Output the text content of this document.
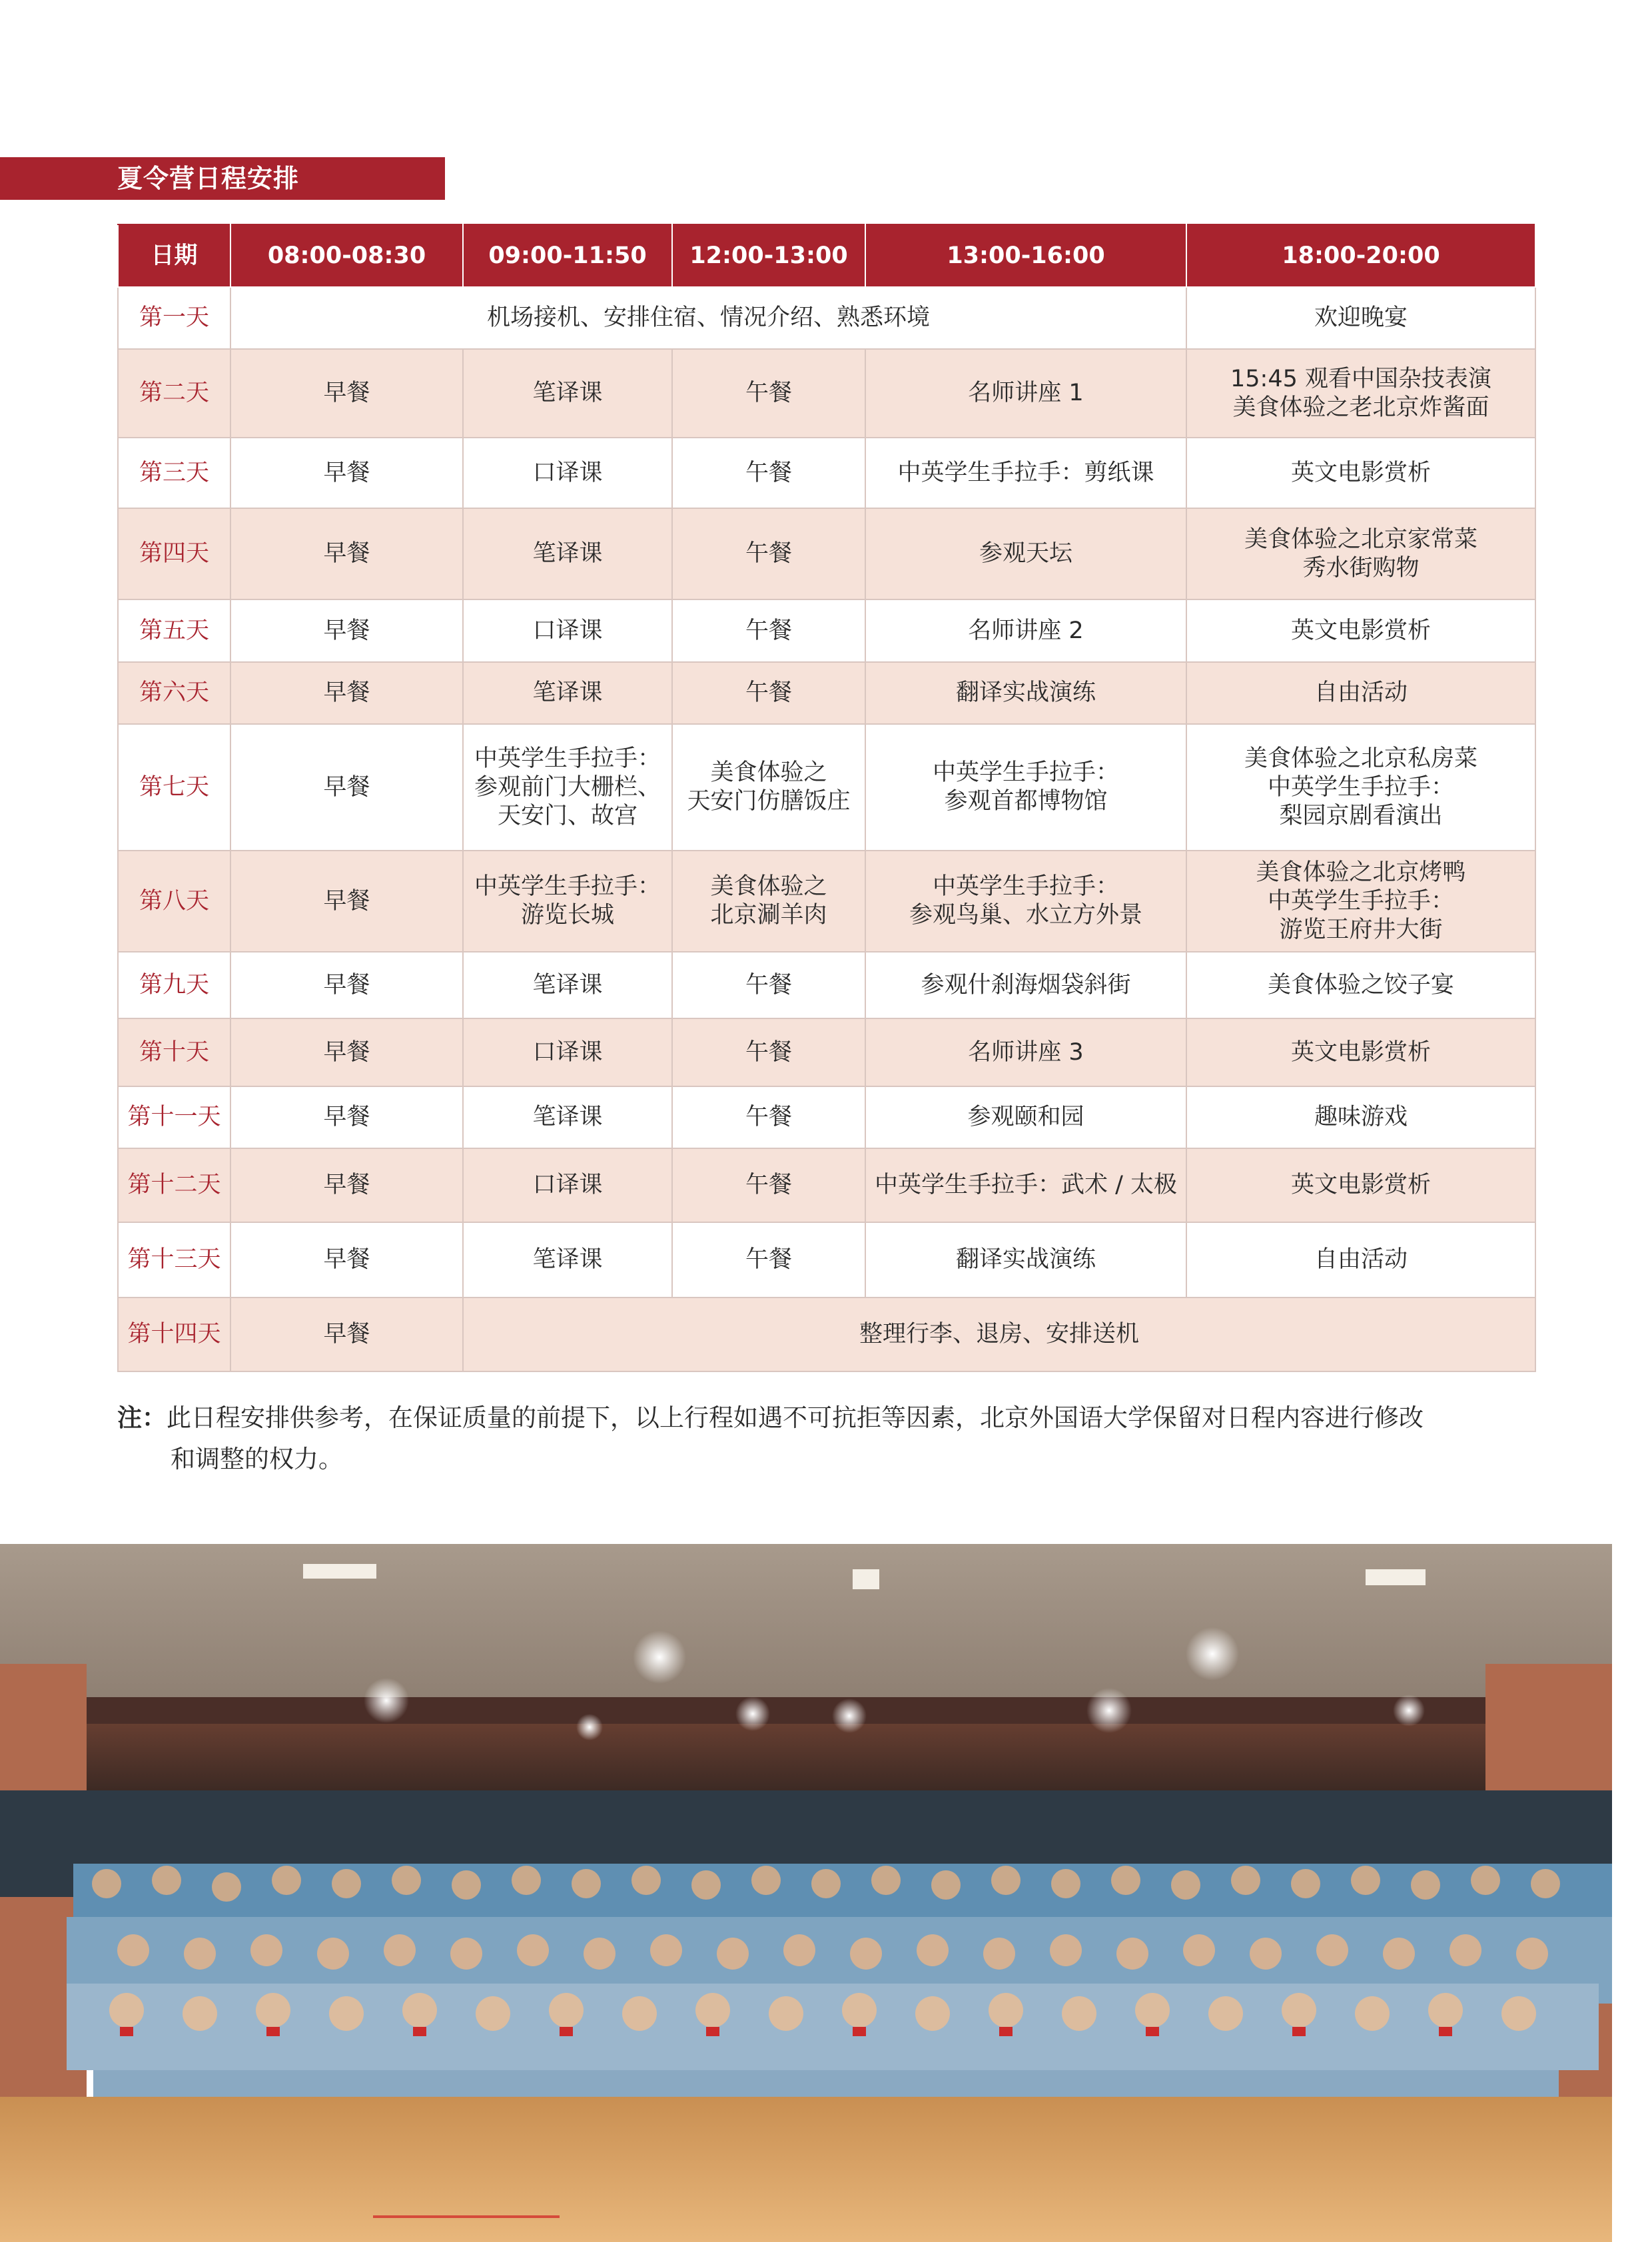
夏令营日程安排
日期	08:00-08:30	09:00-11:50	12:00-13:00	13:00-16:00	18:00-20:00
第一天	机场接机、安排住宿、情况介绍、熟悉环境				欢迎晚宴
第二天	早餐	笔译课	午餐	名师讲座 1	15:45 观看中国杂技表演
美食体验之老北京炸酱面
第三天	早餐	口译课	午餐	中英学生手拉手：剪纸课	英文电影赏析
第四天	早餐	笔译课	午餐	参观天坛	美食体验之北京家常菜
秀水街购物
第五天	早餐	口译课	午餐	名师讲座 2	英文电影赏析
第六天	早餐	笔译课	午餐	翻译实战演练	自由活动
第七天	早餐	中英学生手拉手：
参观前门大栅栏、
天安门、故宫	美食体验之
天安门仿膳饭庄	中英学生手拉手：
参观首都博物馆	美食体验之北京私房菜
中英学生手拉手：
梨园京剧看演出
第八天	早餐	中英学生手拉手：
游览长城	美食体验之
北京涮羊肉	中英学生手拉手：
参观鸟巢、水立方外景	美食体验之北京烤鸭
中英学生手拉手：
游览王府井大街
第九天	早餐	笔译课	午餐	参观什刹海烟袋斜街	美食体验之饺子宴
第十天	早餐	口译课	午餐	名师讲座 3	英文电影赏析
第十一天	早餐	笔译课	午餐	参观颐和园	趣味游戏
第十二天	早餐	口译课	午餐	中英学生手拉手：武术 / 太极	英文电影赏析
第十三天	早餐	笔译课	午餐	翻译实战演练	自由活动
第十四天	早餐	整理行李、退房、安排送机			
注：此日程安排供参考，在保证质量的前提下，以上行程如遇不可抗拒等因素，北京外国语大学保留对日程内容进行修改
和调整的权力。
